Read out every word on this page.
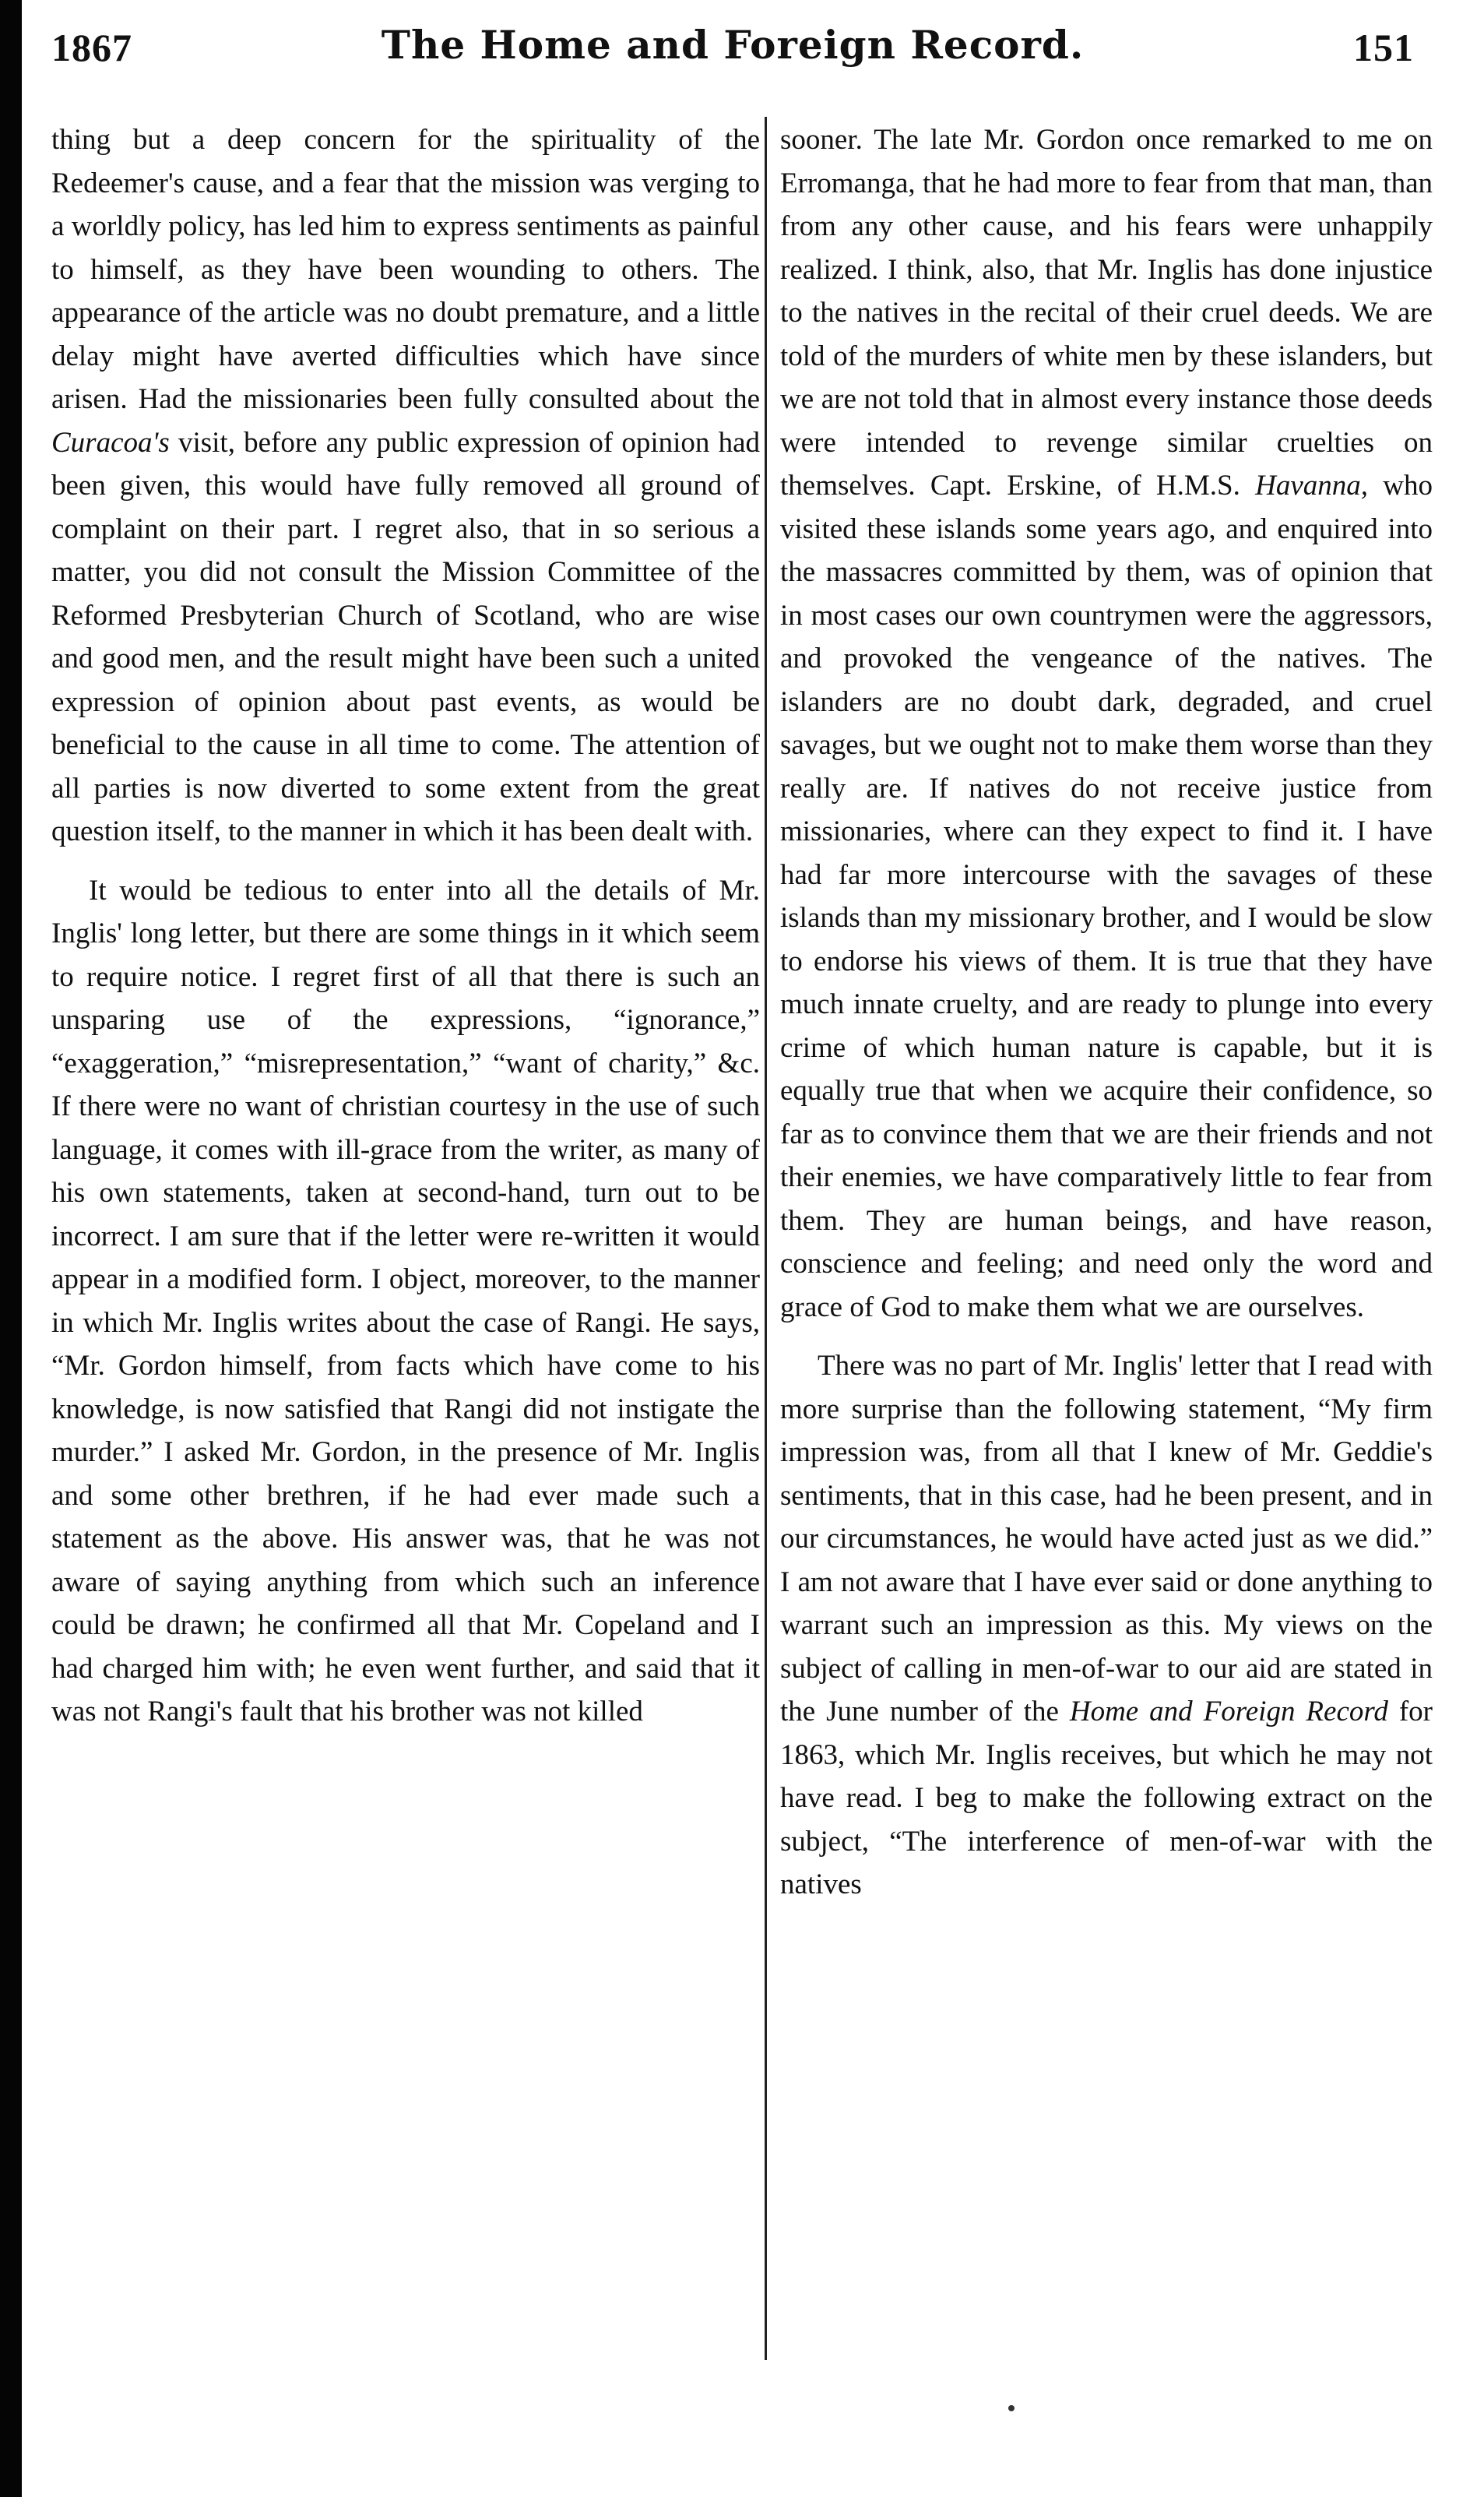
1867	The Home and Foreign Record.	151

thing but a deep concern for the spirituality of the Redeemer's cause, and a fear that the mission was verging to a worldly policy, has led him to express sentiments as painful to himself, as they have been wounding to others. The appearance of the article was no doubt premature, and a little delay might have averted difficulties which have since arisen. Had the missionaries been fully consulted about the Curacoa's visit, before any public expression of opinion had been given, this would have fully removed all ground of complaint on their part. I regret also, that in so serious a matter, you did not consult the Mission Committee of the Reformed Presbyterian Church of Scotland, who are wise and good men, and the result might have been such a united expression of opinion about past events, as would be beneficial to the cause in all time to come. The attention of all parties is now diverted to some extent from the great question itself, to the manner in which it has been dealt with.

It would be tedious to enter into all the details of Mr. Inglis' long letter, but there are some things in it which seem to require notice. I regret first of all that there is such an unsparing use of the expressions, “ignorance,” “exaggeration,” “misrepresentation,” “want of charity,” &c. If there were no want of christian courtesy in the use of such language, it comes with ill-grace from the writer, as many of his own statements, taken at second-hand, turn out to be incorrect. I am sure that if the letter were re-written it would appear in a modified form. I object, moreover, to the manner in which Mr. Inglis writes about the case of Rangi. He says, “Mr. Gordon himself, from facts which have come to his knowledge, is now satisfied that Rangi did not instigate the murder.” I asked Mr. Gordon, in the presence of Mr. Inglis and some other brethren, if he had ever made such a statement as the above. His answer was, that he was not aware of saying anything from which such an inference could be drawn; he confirmed all that Mr. Copeland and I had charged him with; he even went further, and said that it was not Rangi's fault that his brother was not killed

sooner. The late Mr. Gordon once remarked to me on Erromanga, that he had more to fear from that man, than from any other cause, and his fears were unhappily realized. I think, also, that Mr. Inglis has done injustice to the natives in the recital of their cruel deeds. We are told of the murders of white men by these islanders, but we are not told that in almost every instance those deeds were intended to revenge similar cruelties on themselves. Capt. Erskine, of H.M.S. Havanna, who visited these islands some years ago, and enquired into the massacres committed by them, was of opinion that in most cases our own countrymen were the aggressors, and provoked the vengeance of the natives. The islanders are no doubt dark, degraded, and cruel savages, but we ought not to make them worse than they really are. If natives do not receive justice from missionaries, where can they expect to find it. I have had far more intercourse with the savages of these islands than my missionary brother, and I would be slow to endorse his views of them. It is true that they have much innate cruelty, and are ready to plunge into every crime of which human nature is capable, but it is equally true that when we acquire their confidence, so far as to convince them that we are their friends and not their enemies, we have comparatively little to fear from them. They are human beings, and have reason, conscience and feeling; and need only the word and grace of God to make them what we are ourselves.

There was no part of Mr. Inglis' letter that I read with more surprise than the following statement, “My firm impression was, from all that I knew of Mr. Geddie's sentiments, that in this case, had he been present, and in our circumstances, he would have acted just as we did.” I am not aware that I have ever said or done anything to warrant such an impression as this. My views on the subject of calling in men-of-war to our aid are stated in the June number of the Home and Foreign Record for 1863, which Mr. Inglis receives, but which he may not have read. I beg to make the following extract on the subject, “The interference of men-of-war with the natives
